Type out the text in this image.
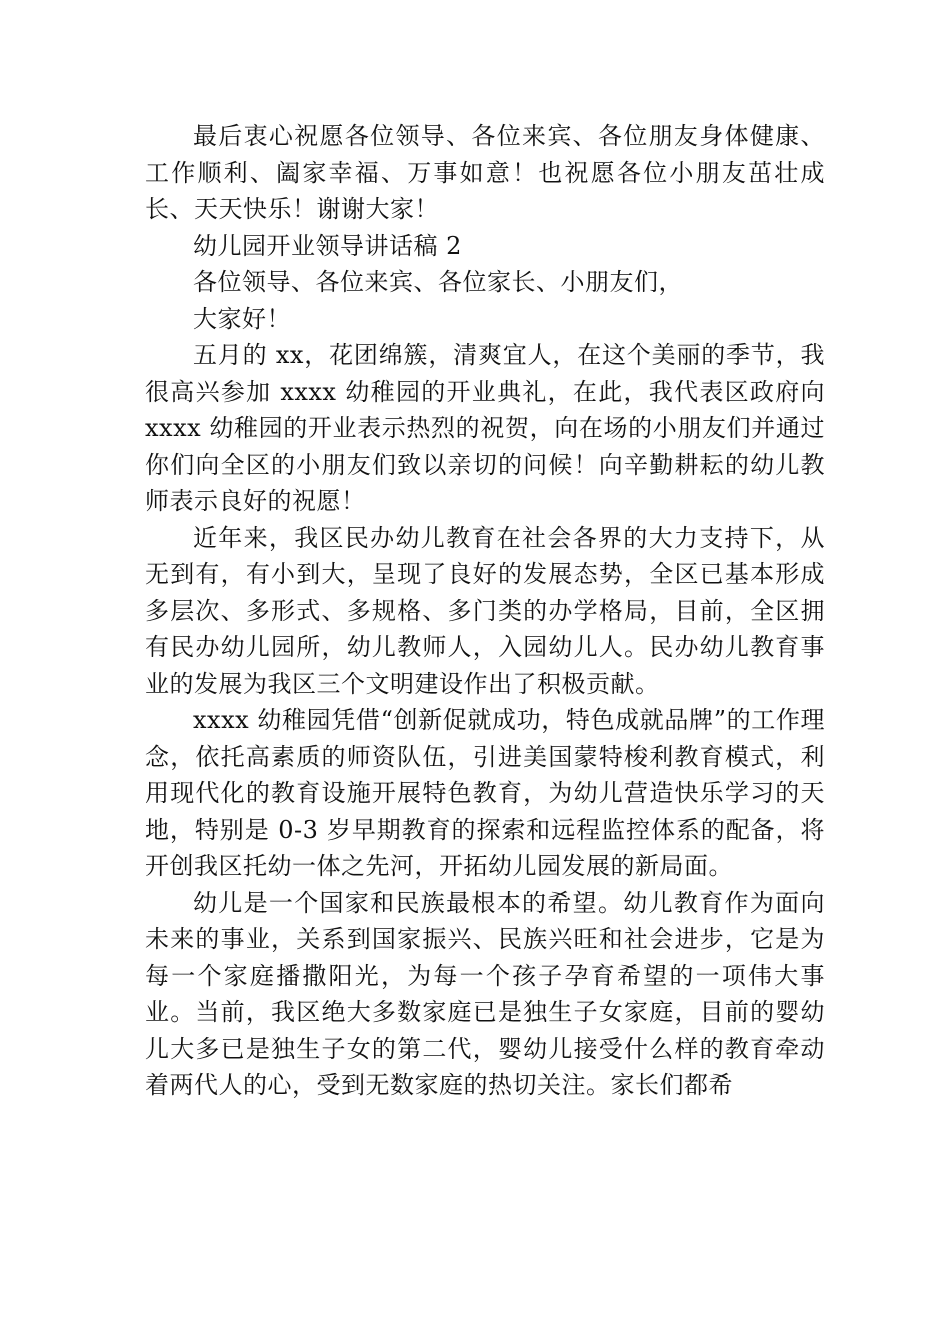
最后衷心祝愿各位领导、各位来宾、各位朋友身体健康、工作顺利、阖家幸福、万事如意！也祝愿各位小朋友茁壮成长、天天快乐！谢谢大家！

幼儿园开业领导讲话稿 2

各位领导、各位来宾、各位家长、小朋友们，

大家好！

五月的 xx，花团绵簇，清爽宜人，在这个美丽的季节，我很高兴参加 xxxx 幼稚园的开业典礼，在此，我代表区政府向 xxxx 幼稚园的开业表示热烈的祝贺，向在场的小朋友们并通过你们向全区的小朋友们致以亲切的问候！向辛勤耕耘的幼儿教师表示良好的祝愿！

近年来，我区民办幼儿教育在社会各界的大力支持下，从无到有，有小到大，呈现了良好的发展态势，全区已基本形成多层次、多形式、多规格、多门类的办学格局，目前，全区拥有民办幼儿园所，幼儿教师人，入园幼儿人。民办幼儿教育事业的发展为我区三个文明建设作出了积极贡献。

xxxx 幼稚园凭借“创新促就成功，特色成就品牌”的工作理念，依托高素质的师资队伍，引进美国蒙特梭利教育模式，利用现代化的教育设施开展特色教育，为幼儿营造快乐学习的天地，特别是 0-3 岁早期教育的探索和远程监控体系的配备，将开创我区托幼一体之先河，开拓幼儿园发展的新局面。

幼儿是一个国家和民族最根本的希望。幼儿教育作为面向未来的事业，关系到国家振兴、民族兴旺和社会进步，它是为每一个家庭播撒阳光，为每一个孩子孕育希望的一项伟大事业。当前，我区绝大多数家庭已是独生子女家庭，目前的婴幼儿大多已是独生子女的第二代，婴幼儿接受什么样的教育牵动着两代人的心，受到无数家庭的热切关注。家长们都希
